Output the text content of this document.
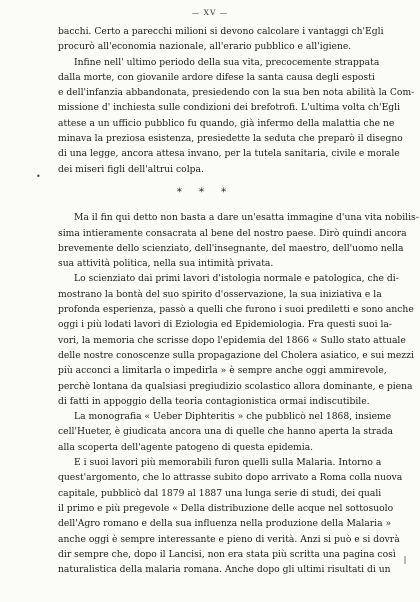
— XV —
•
bacchi. Certo a parecchi milioni si devono calcolare i vantaggi ch'Egli
procurò all'economia nazionale, all'erario pubblico e all'igiene.
Infine nell' ultimo periodo della sua vita, precocemente strappata
dalla morte, con giovanile ardore difese la santa causa degli esposti
e dell'infanzia abbandonata, presiedendo con la sua ben nota abilità la Com-
missione d' inchiesta sulle condizioni dei brefotrofi. L'ultima volta ch'Egli
attese a un ufficio pubblico fu quando, già infermo della malattia che ne
minava la preziosa esistenza, presiedette la seduta che preparò il disegno
di una legge, ancora attesa invano, per la tutela sanitaria, civile e morale
dei miseri figli dell'altrui colpa.
* * *
Ma il fin qui detto non basta a dare un'esatta immagine d'una vita nobilis-
sima intieramente consacrata al bene del nostro paese. Dirò quindi ancora
brevemente dello scienziato, dell'insegnante, del maestro, dell'uomo nella
sua attività politica, nella sua intimità privata.
Lo scienziato dai primi lavori d'istologia normale e patologica, che di-
mostrano la bontà del suo spirito d'osservazione, la sua iniziativa e la
profonda esperienza, passò a quelli che furono i suoi prediletti e sono anche
oggi i più lodati lavori di Eziologia ed Epidemiologia. Fra questi suoi la-
vori, la memoria che scrisse dopo l'epidemia del 1866 « Sullo stato attuale
delle nostre conoscenze sulla propagazione del Cholera asiatico, e sui mezzi
più acconci a limitarla o impedirla » è sempre anche oggi ammirevole,
perchè lontana da qualsiasi pregiudizio scolastico allora dominante, e piena
di fatti in appoggio della teoria contagionistica ormai indiscutibile.
La monografia « Ueber Diphteritis » che pubblicò nel 1868, insieme
cell'Hueter, è giudicata ancora una di quelle che hanno aperta la strada
alla scoperta dell'agente patogeno di questa epidemia.
E i suoi lavori più memorabili furon quelli sulla Malaria. Intorno a
quest'argomento, che lo attrasse subito dopo arrivato a Roma colla nuova
capitale, pubblicò dal 1879 al 1887 una lunga serie di studi, dei quali
il primo e più pregevole « Della distribuzione delle acque nel sottosuolo
dell'Agro romano e della sua influenza nella produzione della Malaria »
anche oggi è sempre interessante e pieno di verità. Anzi si può e si dovrà
dir sempre che, dopo il Lancisi, non era stata più scritta una pagina così
naturalistica della malaria romana. Anche dopo gli ultimi risultati di un
